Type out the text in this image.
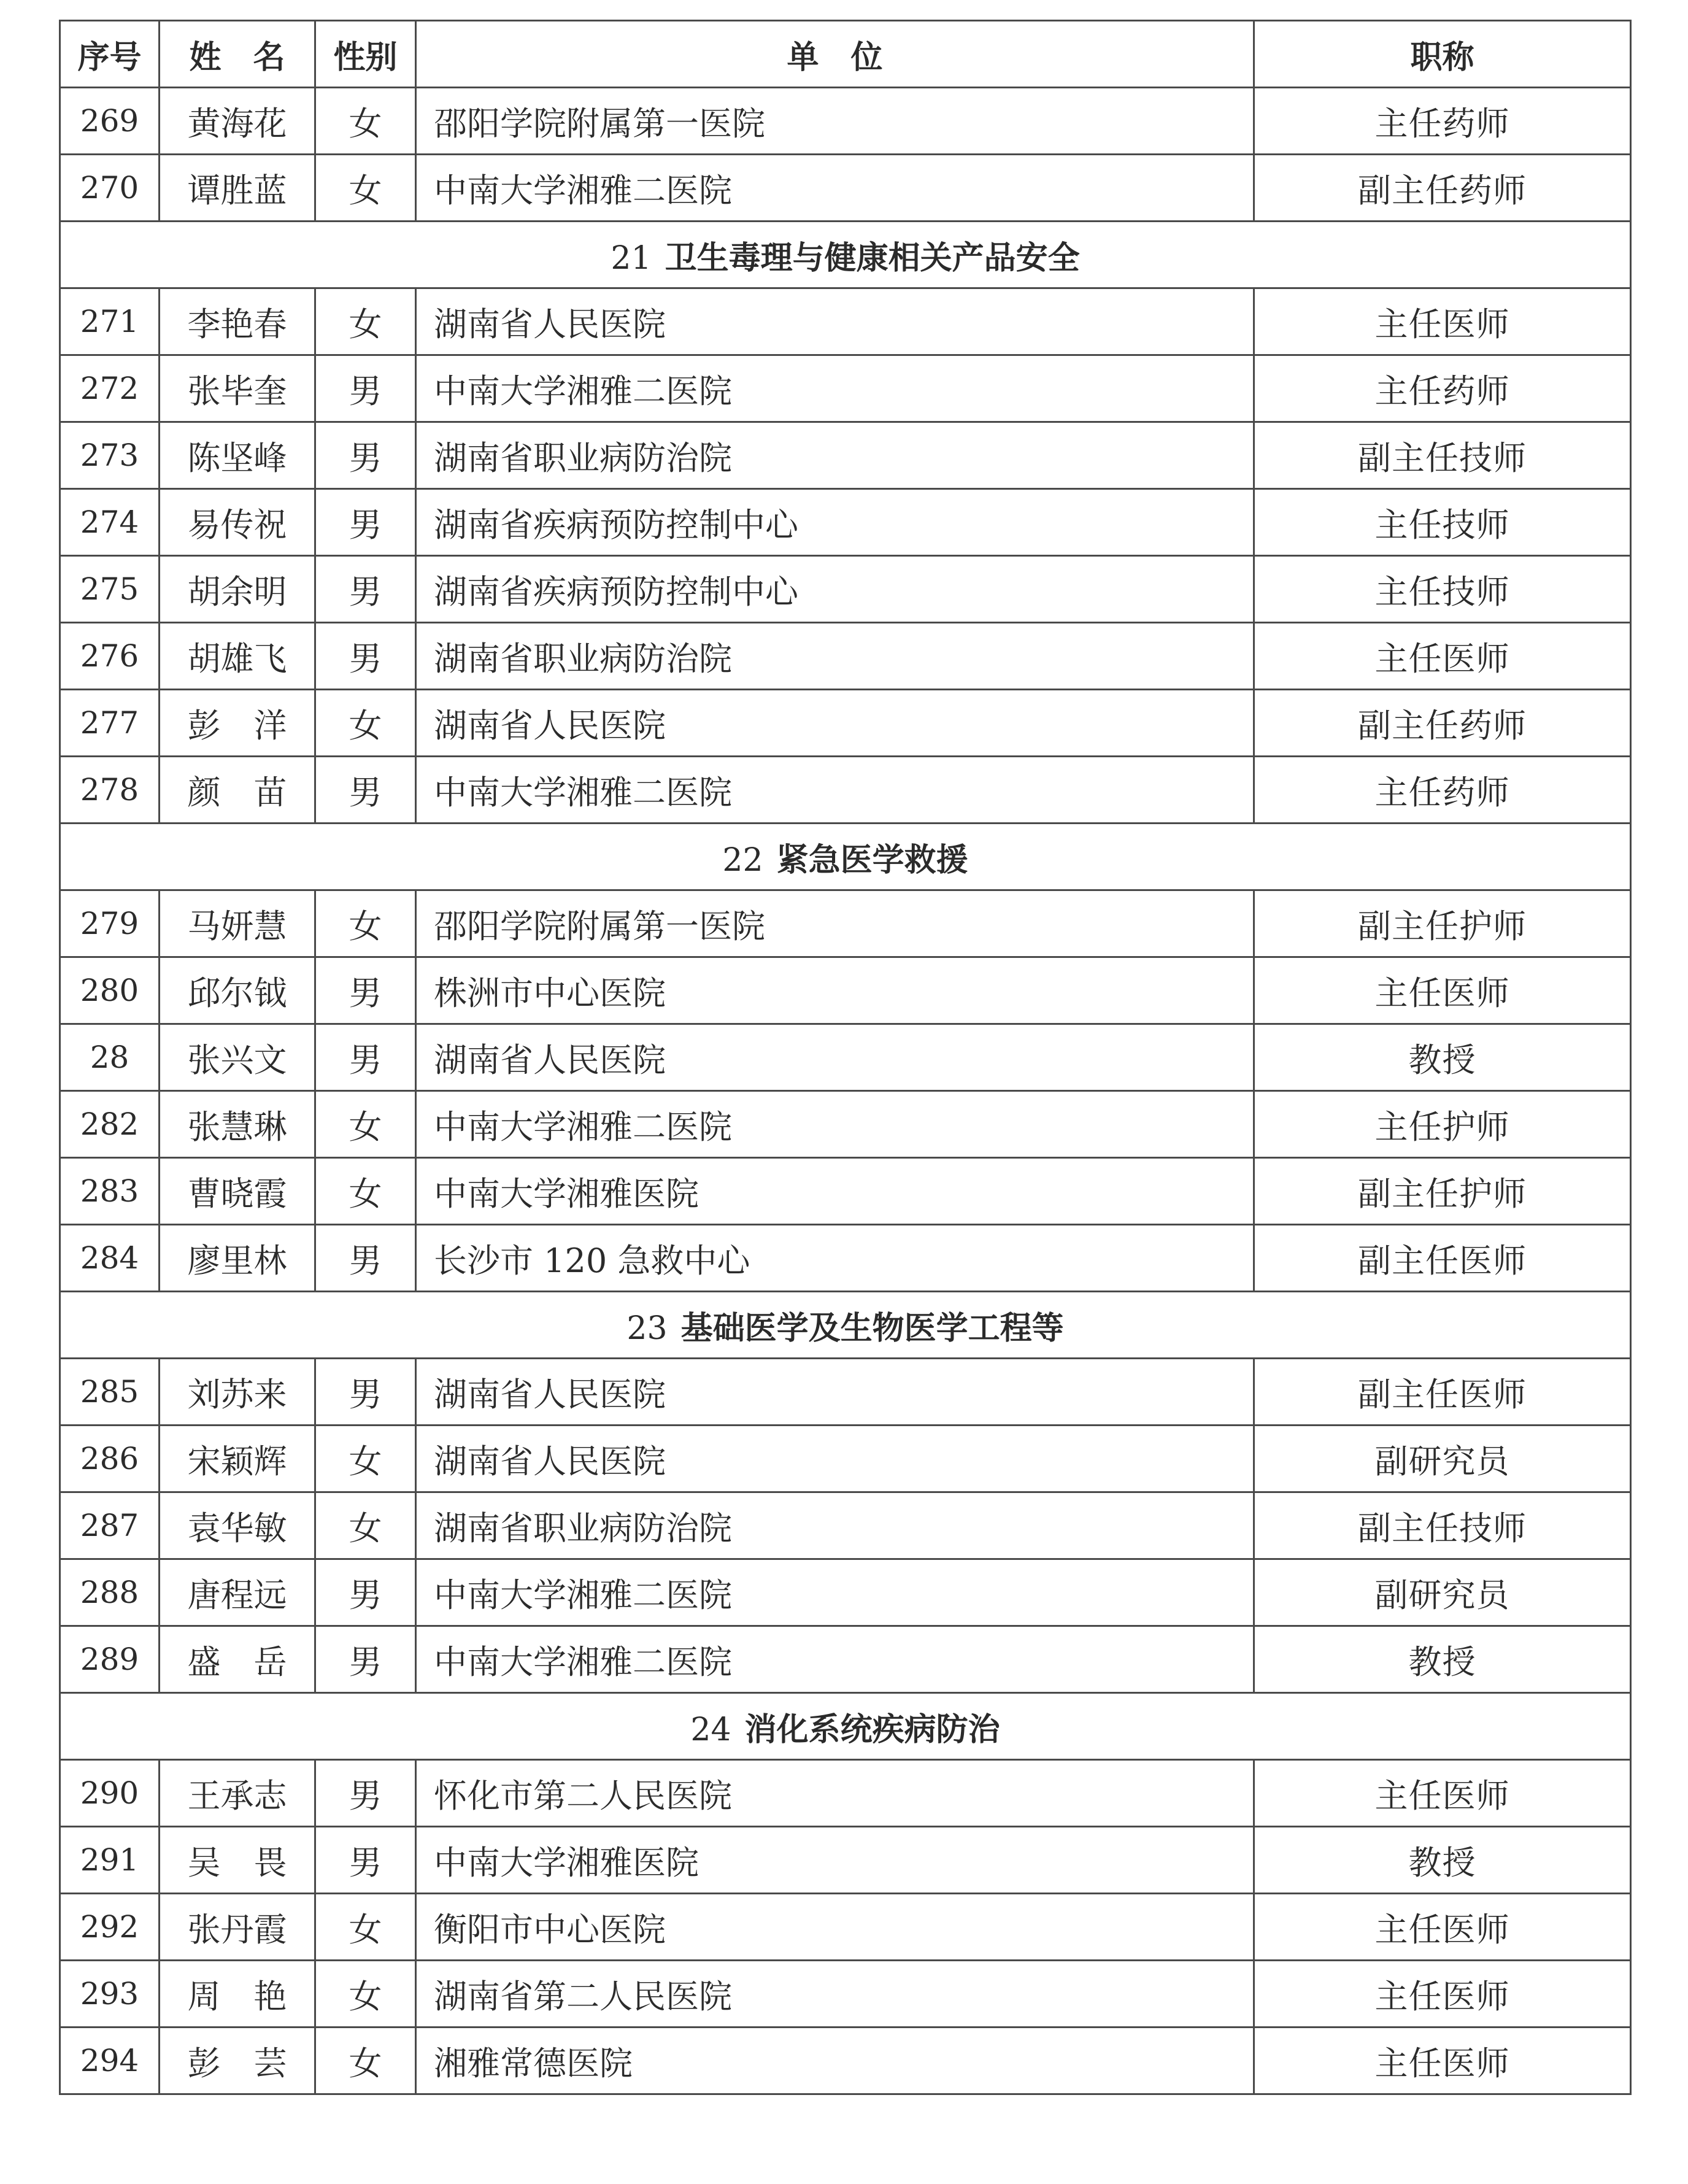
序号	姓　名	性别	单　位	职称
269	黄海花	女	邵阳学院附属第一医院	主任药师
270	谭胜蓝	女	中南大学湘雅二医院	副主任药师
21 卫生毒理与健康相关产品安全				
271	李艳春	女	湖南省人民医院	主任医师
272	张毕奎	男	中南大学湘雅二医院	主任药师
273	陈坚峰	男	湖南省职业病防治院	副主任技师
274	易传祝	男	湖南省疾病预防控制中心	主任技师
275	胡余明	男	湖南省疾病预防控制中心	主任技师
276	胡雄飞	男	湖南省职业病防治院	主任医师
277	彭　洋	女	湖南省人民医院	副主任药师
278	颜　苗	男	中南大学湘雅二医院	主任药师
22 紧急医学救援				
279	马妍慧	女	邵阳学院附属第一医院	副主任护师
280	邱尔钺	男	株洲市中心医院	主任医师
28	张兴文	男	湖南省人民医院	教授
282	张慧琳	女	中南大学湘雅二医院	主任护师
283	曹晓霞	女	中南大学湘雅医院	副主任护师
284	廖里林	男	长沙市 120 急救中心	副主任医师
23 基础医学及生物医学工程等				
285	刘苏来	男	湖南省人民医院	副主任医师
286	宋颖辉	女	湖南省人民医院	副研究员
287	袁华敏	女	湖南省职业病防治院	副主任技师
288	唐程远	男	中南大学湘雅二医院	副研究员
289	盛　岳	男	中南大学湘雅二医院	教授
24 消化系统疾病防治				
290	王承志	男	怀化市第二人民医院	主任医师
291	吴　畏	男	中南大学湘雅医院	教授
292	张丹霞	女	衡阳市中心医院	主任医师
293	周　艳	女	湖南省第二人民医院	主任医师
294	彭　芸	女	湘雅常德医院	主任医师
